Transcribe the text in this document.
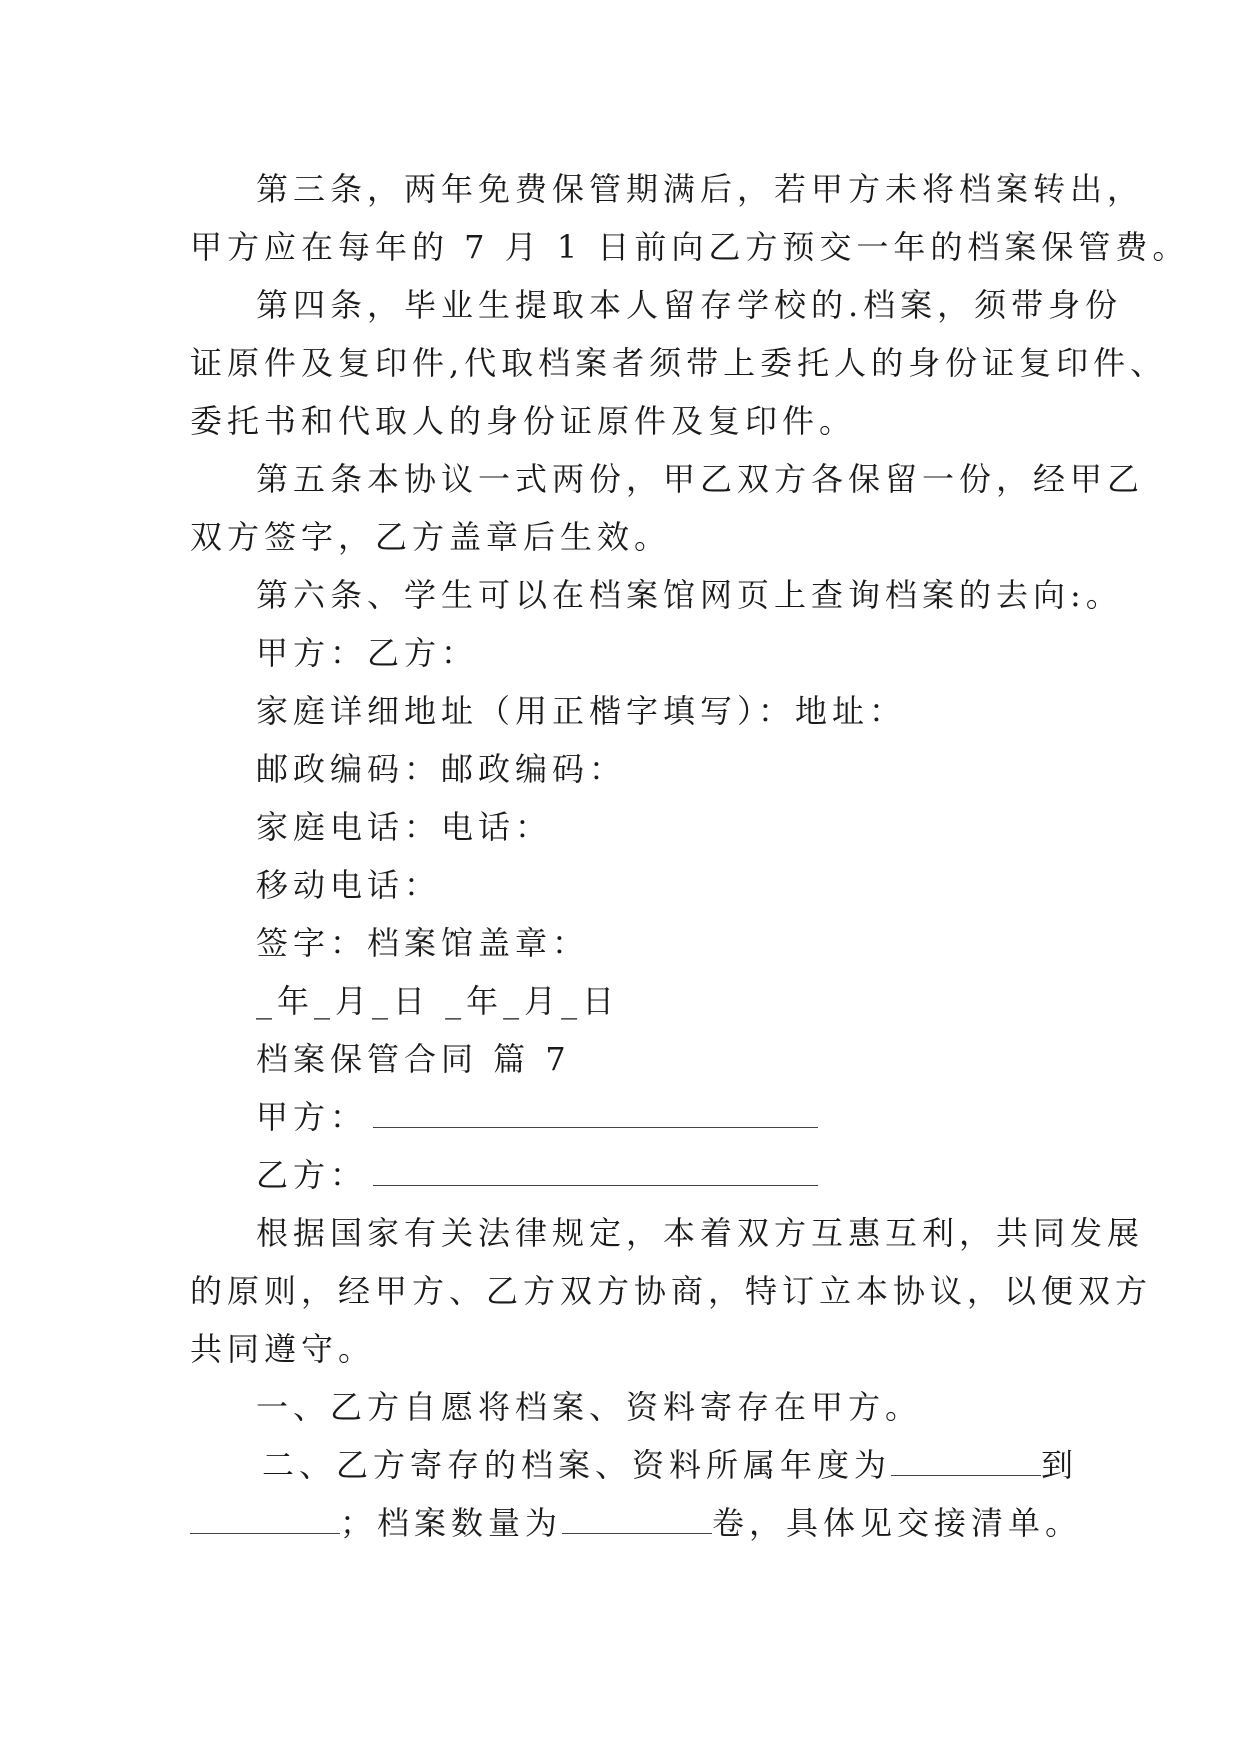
第三条，两年免费保管期满后，若甲方未将档案转出，

甲方应在每年的 7 月 1 日前向乙方预交一年的档案保管费。

第四条，毕业生提取本人留存学校的.档案，须带身份

证原件及复印件,代取档案者须带上委托人的身份证复印件、

委托书和代取人的身份证原件及复印件。

第五条本协议一式两份，甲乙双方各保留一份，经甲乙

双方签字，乙方盖章后生效。

第六条、学生可以在档案馆网页上查询档案的去向:。

甲方：乙方：

家庭详细地址（用正楷字填写）：地址：

邮政编码：邮政编码：

家庭电话：电话：

移动电话：

签字：档案馆盖章：

_年_月_日 _年_月_日

档案保管合同 篇 7

甲方：

乙方：

根据国家有关法律规定，本着双方互惠互利，共同发展

的原则，经甲方、乙方双方协商，特订立本协议，以便双方

共同遵守。

一、乙方自愿将档案、资料寄存在甲方。

二、乙方寄存的档案、资料所属年度为	到

；档案数量为	卷，具体见交接清单。
